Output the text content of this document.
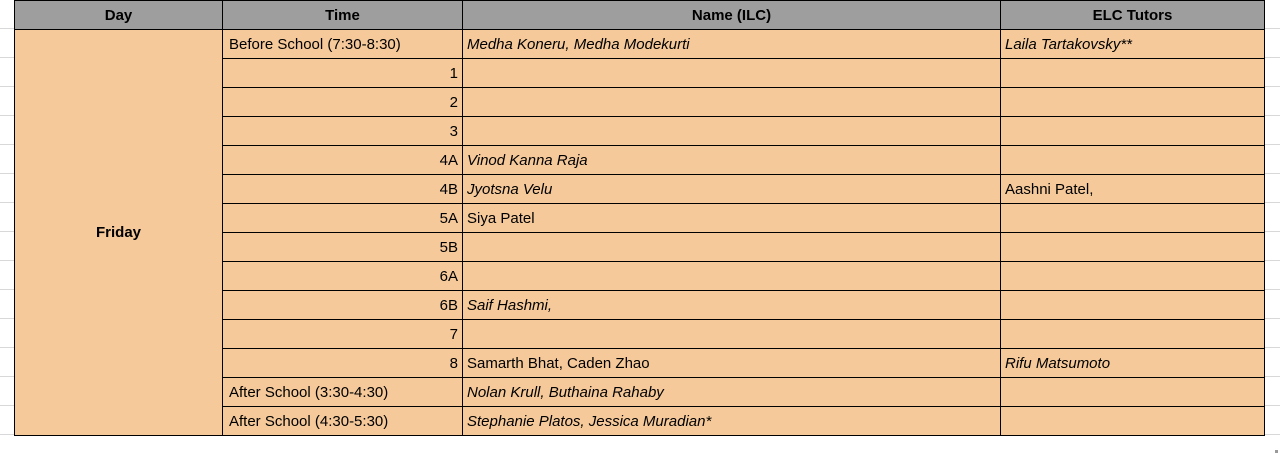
Day	Time	Name (ILC)	ELC Tutors
Friday	Before School (7:30-8:30)	Medha Koneru, Medha Modekurti	Laila Tartakovsky**
	1		
	2		
	3		
	4A	Vinod Kanna Raja	
	4B	Jyotsna Velu	Aashni Patel,
	5A	Siya Patel	
	5B		
	6A		
	6B	Saif Hashmi,	
	7		
	8	Samarth Bhat, Caden Zhao	Rifu Matsumoto
	After School (3:30-4:30)	Nolan Krull, Buthaina Rahaby	
	After School (4:30-5:30)	Stephanie Platos, Jessica Muradian*	
